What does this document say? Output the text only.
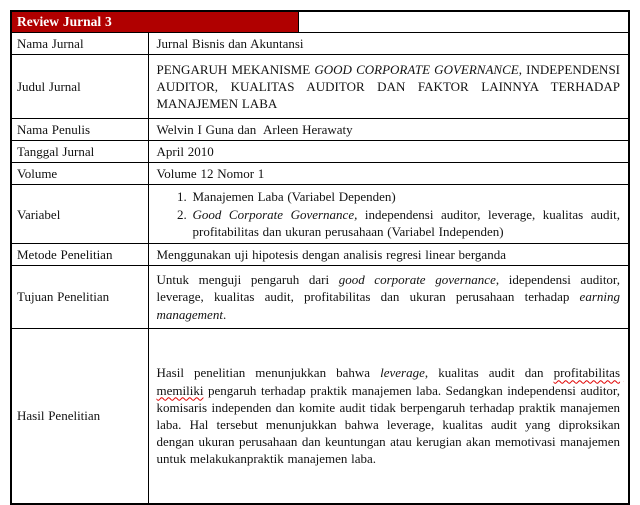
Review Jurnal 3	

Nama Jurnal	Jurnal Bisnis dan Akuntansi

Judul Jurnal	PENGARUH MEKANISME GOOD CORPORATE GOVERNANCE, INDEPENDENSI AUDITOR, KUALITAS AUDITOR DAN FAKTOR LAINNYA TERHADAP MANAJEMEN LABA

Nama Penulis	Welvin I Guna dan  Arleen Herawaty

Tanggal Jurnal	April 2010

Volume	Volume 12 Nomor 1

Variabel	
1. Manajemen Laba (Variabel Dependen)
2. Good Corporate Governance, independensi auditor, leverage, kualitas audit, profitabilitas dan ukuran perusahaan (Variabel Independen)

Metode Penelitian	Menggunakan uji hipotesis dengan analisis regresi linear berganda

Tujuan Penelitian	Untuk menguji pengaruh dari good corporate governance, idependensi auditor, leverage, kualitas audit, profitabilitas dan ukuran perusahaan terhadap earning management.

Hasil Penelitian	Hasil penelitian menunjukkan bahwa leverage, kualitas audit dan profitabilitas memiliki pengaruh terhadap praktik manajemen laba. Sedangkan independensi auditor, komisaris independen dan komite audit tidak berpengaruh terhadap praktik manajemen laba. Hal tersebut menunjukkan bahwa leverage, kualitas audit yang diproksikan dengan ukuran perusahaan dan keuntungan atau kerugian akan memotivasi manajemen untuk melakukanpraktik manajemen laba.
